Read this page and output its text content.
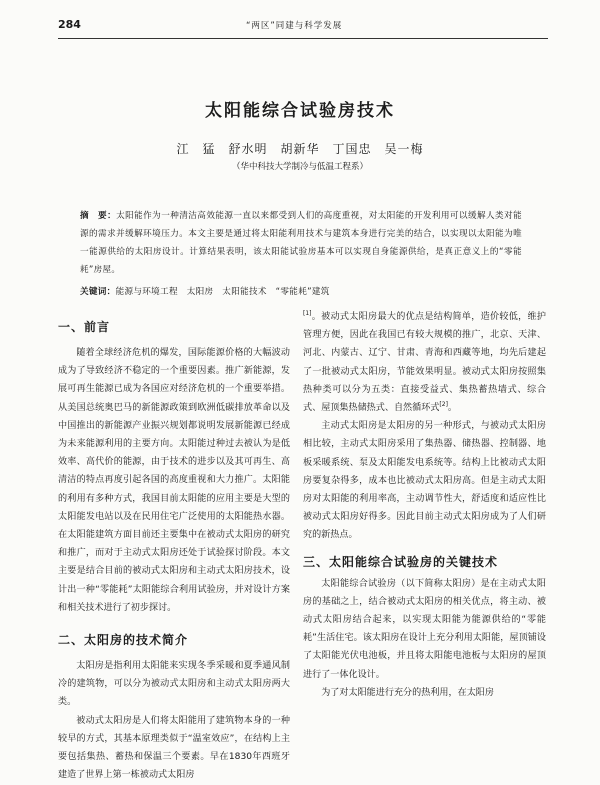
284	“两区”同建与科学发展
太阳能综合试验房技术
江　猛　舒水明　胡新华　丁国忠　吴一梅
（华中科技大学制冷与低温工程系）
摘　要：太阳能作为一种清洁高效能源一直以来都受到人们的高度重视，对太阳能的开发利用可以缓解人类对能源的需求并缓解环境压力。本文主要是通过将太阳能利用技术与建筑本身进行完美的结合，以实现以太阳能为唯一能源供给的太阳房设计。计算结果表明，该太阳能试验房基本可以实现自身能源供给，是真正意义上的“零能耗”房屋。
关键词：能源与环境工程　太阳房　太阳能技术　“零能耗”建筑
一、前言

随着全球经济危机的爆发，国际能源价格的大幅波动成为了导致经济不稳定的一个重要因素。推广新能源，发展可再生能源已成为各国应对经济危机的一个重要举措。从美国总统奥巴马的新能源政策到欧洲低碳排放革命以及中国推出的新能源产业振兴规划都说明发展新能源已经成为未来能源利用的主要方向。太阳能过种过去被认为是低效率、高代价的能源，由于技术的进步以及其可再生、高清洁的特点再度引起各国的高度重视和大力推广。太阳能的利用有多种方式，我国目前太阳能的应用主要是大型的太阳能发电站以及在民用住宅广泛使用的太阳能热水器。在太阳能建筑方面目前还主要集中在被动式太阳房的研究和推广，而对于主动式太阳房还处于试验探讨阶段。本文主要是结合目前的被动式太阳房和主动式太阳房技术，设计出一种“零能耗”太阳能综合利用试验房，并对设计方案和相关技术进行了初步探讨。

二、太阳房的技术简介

太阳房是指利用太阳能来实现冬季采暖和夏季通风制冷的建筑物，可以分为被动式太阳房和主动式太阳房两大类。

被动式太阳房是人们将太阳能用了建筑物本身的一种较早的方式，其基本原理类似于“温室效应”，在结构上主要包括集热、蓄热和保温三个要素。早在1830年西班牙建造了世界上第一栋被动式太阳房

[1]。被动式太阳房最大的优点是结构简单，造价较低，维护管理方便，因此在我国已有较大规模的推广，北京、天津、河北、内蒙古、辽宁、甘肃、青海和西藏等地，均先后建起了一批被动式太阳房，节能效果明显。被动式太阳房按照集热种类可以分为五类：直接受益式、集热蓄热墙式、综合式、屋顶集热储热式、自然循环式[2]。

主动式太阳房是太阳房的另一种形式，与被动式太阳房相比较，主动式太阳房采用了集热器、储热器、控制器、地板采暖系统、泵及太阳能发电系统等。结构上比被动式太阳房要复杂得多，成本也比被动式太阳房高。但是主动式太阳房对太阳能的利用率高，主动调节性大，舒适度和适应性比被动式太阳房好得多。因此目前主动式太阳房成为了人们研究的新热点。

三、太阳能综合试验房的关键技术

太阳能综合试验房（以下简称太阳房）是在主动式太阳房的基础之上，结合被动式太阳房的相关优点，将主动、被动式太阳房结合起来，以实现太阳能为能源供给的“零能耗”生活住宅。该太阳房在设计上充分利用太阳能，屋顶铺设了太阳能光伏电池板，并且将太阳能电池板与太阳房的屋顶进行了一体化设计。

为了对太阳能进行充分的热利用，在太阳房
